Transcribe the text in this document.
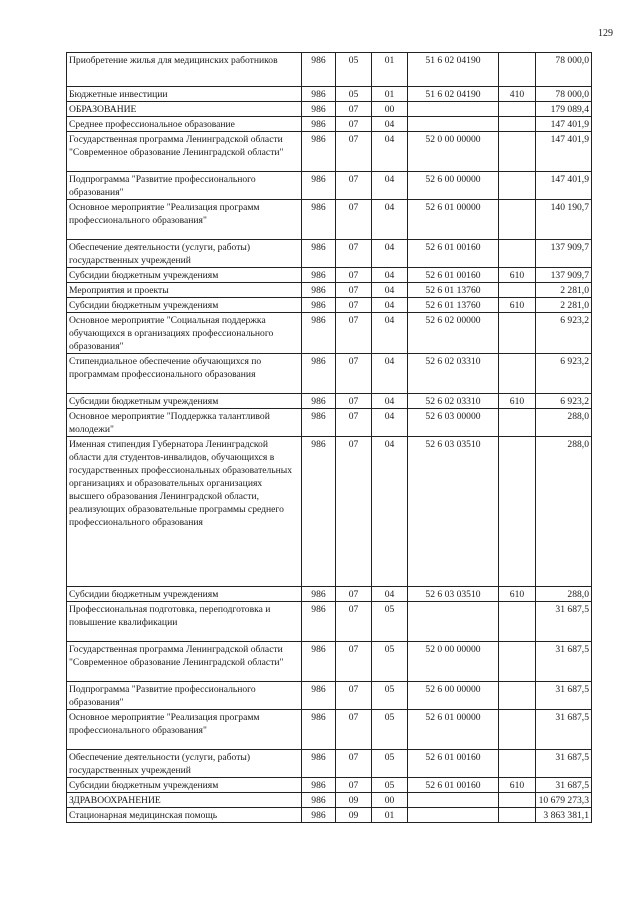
129
Приобретение жилья для медицинских работников	986	05	01	51 6 02 04190		78 000,0
Бюджетные инвестиции	986	05	01	51 6 02 04190	410	78 000,0
ОБРАЗОВАНИЕ	986	07	00			179 089,4
Среднее профессиональное образование	986	07	04			147 401,9
Государственная программа Ленинградской области "Современное образование Ленинградской области"	986	07	04	52 0 00 00000		147 401,9
Подпрограмма "Развитие профессионального образования"	986	07	04	52 6 00 00000		147 401,9
Основное мероприятие "Реализация программ профессионального образования"	986	07	04	52 6 01 00000		140 190,7
Обеспечение деятельности (услуги, работы) государственных учреждений	986	07	04	52 6 01 00160		137 909,7
Субсидии бюджетным учреждениям	986	07	04	52 6 01 00160	610	137 909,7
Мероприятия и проекты	986	07	04	52 6 01 13760		2 281,0
Субсидии бюджетным учреждениям	986	07	04	52 6 01 13760	610	2 281,0
Основное мероприятие "Социальная поддержка обучающихся в организациях профессионального образования"	986	07	04	52 6 02 00000		6 923,2
Стипендиальное обеспечение обучающихся по программам профессионального образования	986	07	04	52 6 02 03310		6 923,2
Субсидии бюджетным учреждениям	986	07	04	52 6 02 03310	610	6 923,2
Основное мероприятие "Поддержка талантливой молодежи"	986	07	04	52 6 03 00000		288,0
Именная стипендия Губернатора Ленинградской области для студентов-инвалидов, обучающихся в государственных профессиональных образовательных организациях и образовательных организациях высшего образования Ленинградской области, реализующих образовательные программы среднего профессионального образования	986	07	04	52 6 03 03510		288,0
Субсидии бюджетным учреждениям	986	07	04	52 6 03 03510	610	288,0
Профессиональная подготовка, переподготовка и повышение квалификации	986	07	05			31 687,5
Государственная программа Ленинградской области "Современное образование Ленинградской области"	986	07	05	52 0 00 00000		31 687,5
Подпрограмма "Развитие профессионального образования"	986	07	05	52 6 00 00000		31 687,5
Основное мероприятие "Реализация программ профессионального образования"	986	07	05	52 6 01 00000		31 687,5
Обеспечение деятельности (услуги, работы) государственных учреждений	986	07	05	52 6 01 00160		31 687,5
Субсидии бюджетным учреждениям	986	07	05	52 6 01 00160	610	31 687,5
ЗДРАВООХРАНЕНИЕ	986	09	00			10 679 273,3
Стационарная медицинская помощь	986	09	01			3 863 381,1
